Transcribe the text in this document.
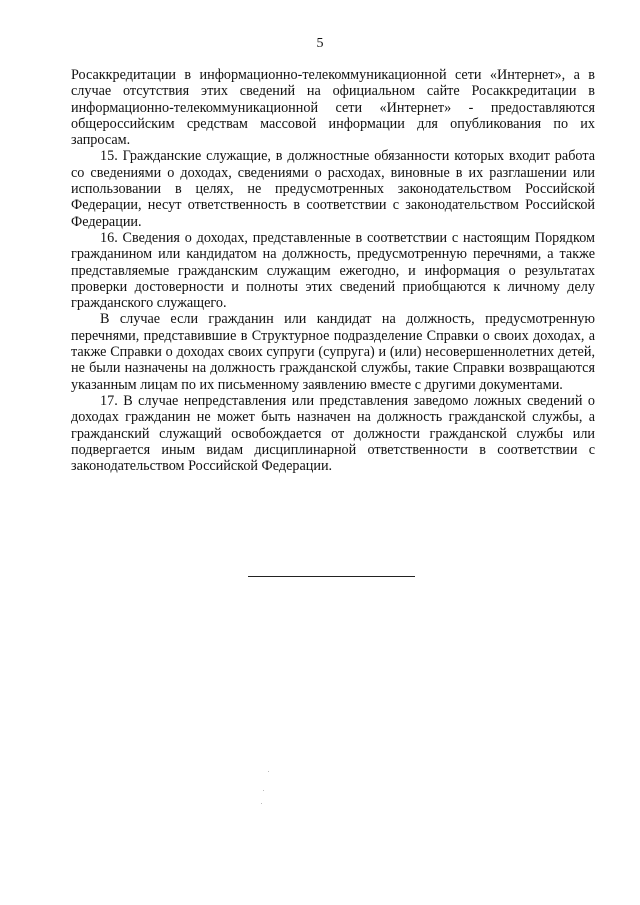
5

Росаккредитации в информационно-телекоммуникационной сети «Интернет», а в случае отсутствия этих сведений на официальном сайте Росаккредитации в информационно-телекоммуникационной сети «Интернет» - предоставляются общероссийским средствам массовой информации для опубликования по их запросам.

15. Гражданские служащие, в должностные обязанности которых входит работа со сведениями о доходах, сведениями о расходах, виновные в их разглашении или использовании в целях, не предусмотренных законодательством Российской Федерации, несут ответственность в соответствии с законодательством Российской Федерации.

16. Сведения о доходах, представленные в соответствии с настоящим Порядком гражданином или кандидатом на должность, предусмотренную перечнями, а также представляемые гражданским служащим ежегодно, и информация о результатах проверки достоверности и полноты этих сведений приобщаются к личному делу гражданского служащего.

В случае если гражданин или кандидат на должность, предусмотренную перечнями, представившие в Структурное подразделение Справки о своих доходах, а также Справки о доходах своих супруги (супруга) и (или) несовершеннолетних детей, не были назначены на должность гражданской службы, такие Справки возвращаются указанным лицам по их письменному заявлению вместе с другими документами.

17. В случае непредставления или представления заведомо ложных сведений о доходах гражданин не может быть назначен на должность гражданской службы, а гражданский служащий освобождается от должности гражданской службы или подвергается иным видам дисциплинарной ответственности в соответствии с законодательством Российской Федерации.
